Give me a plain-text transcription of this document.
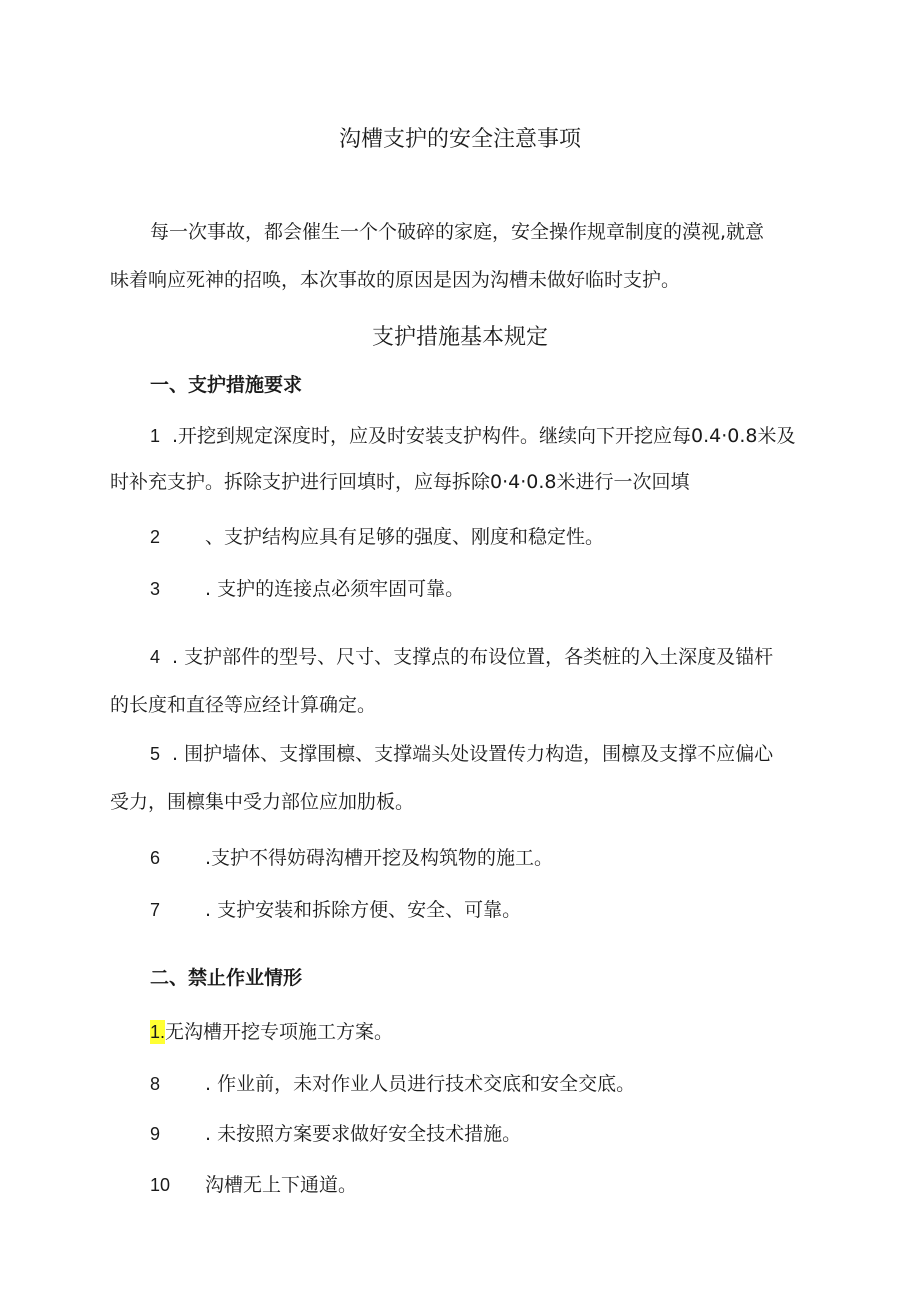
沟槽支护的安全注意事项
每一次事故，都会催生一个个破碎的家庭，安全操作规章制度的漠视,就意
味着响应死神的招唤，本次事故的原因是因为沟槽未做好临时支护。
支护措施基本规定
一、支护措施要求
1 .开挖到规定深度时，应及时安装支护构件。继续向下开挖应每0.4·0.8米及
时补充支护。拆除支护进行回填时，应每拆除0·4·0.8米进行一次回填
2 、支护结构应具有足够的强度、刚度和稳定性。
3 . 支护的连接点必须牢固可靠。
4 . 支护部件的型号、尺寸、支撑点的布设位置，各类桩的入土深度及锚杆
的长度和直径等应经计算确定。
5 . 围护墙体、支撑围檩、支撑端头处设置传力构造，围檩及支撑不应偏心
受力，围檩集中受力部位应加肋板。
6 .支护不得妨碍沟槽开挖及构筑物的施工。
7 . 支护安装和拆除方便、安全、可靠。
二、禁止作业情形
1. 无沟槽开挖专项施工方案。
8 . 作业前，未对作业人员进行技术交底和安全交底。
9 . 未按照方案要求做好安全技术措施。
10 沟槽无上下通道。
